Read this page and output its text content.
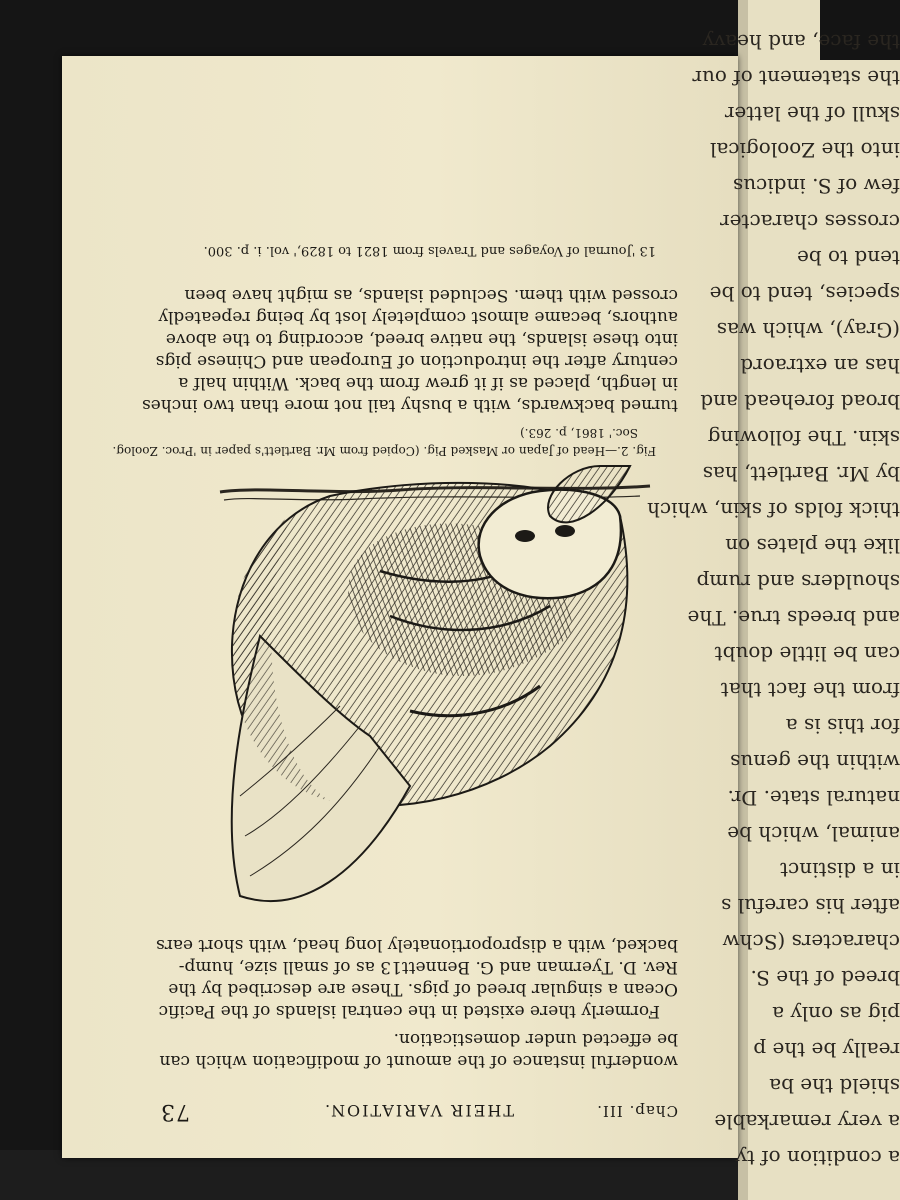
Chap. III.
THEIR VARIATION.
73

wonderful instance of the amount of modification which can
be effected under domestication.

Formerly there existed in the central islands of the Pacific
Ocean a singular breed of pigs. These are described by the
Rev. D. Tyerman and G. Bennett13 as of small size, hump-
backed, with a disproportionately long head, with short ears

Fig. 2.—Head of Japan or Masked Pig. (Copied from Mr. Bartlett's paper in 'Proc. Zoolog.
Soc.' 1861, p. 263.)

turned backwards, with a bushy tail not more than two inches
in length, placed as if it grew from the back. Within half a
century after the introduction of European and Chinese pigs
into these islands, the native breed, according to the above
authors, became almost completely lost by being repeatedly
crossed with them. Secluded islands, as might have been

13 'Journal of Voyages and Travels from 1821 to 1829,' vol. i. p. 300.
a condition of ty
a very remarkable
shield the ba
really be the p
pig as only a
breed of the S.
characters (Schw
after his careful s
in a distinct
animal, which be
natural state. Dr.
within the genus
for this is a
from the fact that
can be little doubt
and breeds true. The
shoulders and rump
like the plates on
thick folds of skin, which
by Mr. Bartlett, has
skin. The following
broad forehead and
has an extraord
(Gray), which was
species, tend to be
tend to be
crosses character
few of S. indicus
into the Zoological
skull of the latter
the statement of our
the face, and heavy
